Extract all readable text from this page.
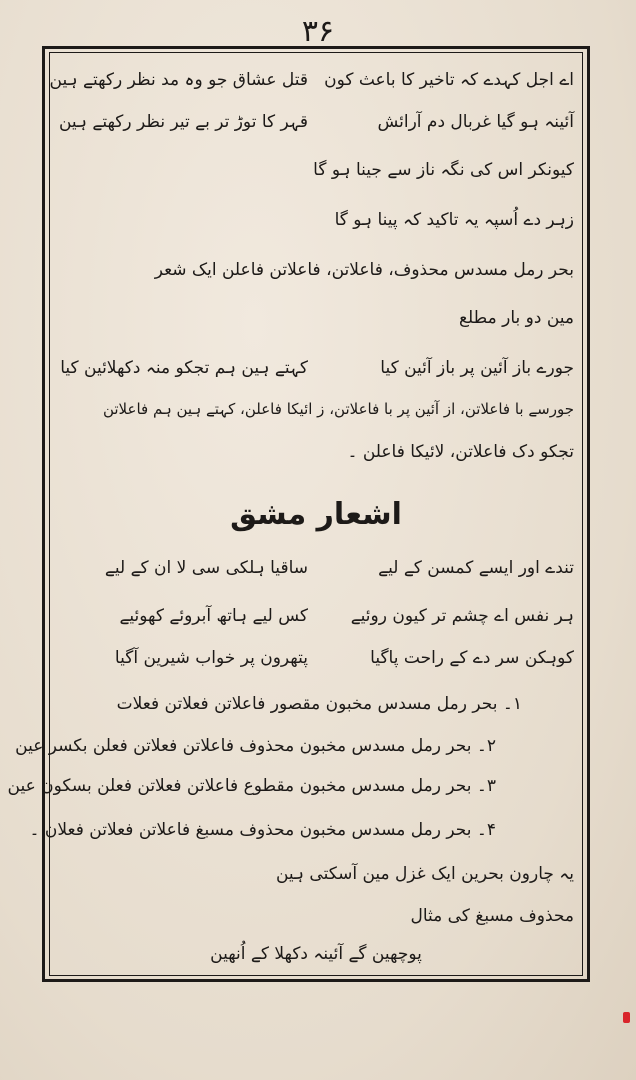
۳۶
اے اجل کہدے کہ تاخیر کا باعث کون
قتل عشاق جو وہ مد نظر رکھتے ہین
آئینہ ہو گیا غربال دم آرائش
قہر کا توڑ تر بے تیر نظر رکھتے ہین
کیونکر اس کی نگہ ناز سے جینا ہو گا
زہر دے اُسپہ یہ تاکید کہ پینا ہو گا
بحر رمل مسدس محذوف، فاعلاتن، فاعلاتن فاعلن ایک شعر
مین دو بار مطلع
جورے باز آئین پر باز آئین کیا
کہتے ہین ہم تجکو منہ دکھلائین کیا
جورسے با فاعلاتن، از آئین پر با فاعلاتن، ز ائیکا فاعلن، کہتے ہین ہم فاعلاتن
تجکو دک فاعلاتن، لائیکا فاعلن ۔
اشعار مشق
تندے اور ایسے کمسن کے لیے
ساقیا ہلکی سی لا ان کے لیے
ہر نفس اے چشم تر کیون روئیے
کس لیے ہاتھ آبروئے کھوئیے
کوہکن سر دے کے راحت پاگیا
پتھرون پر خواب شیرین آگیا
۱۔ بحر رمل مسدس مخبون مقصور فاعلاتن فعلاتن فعلات
۲۔ بحر رمل مسدس مخبون محذوف فاعلاتن فعلاتن فعلن بکسر عین
۳۔ بحر رمل مسدس مخبون مقطوع فاعلاتن فعلاتن فعلن بسکون عین
۴۔ بحر رمل مسدس مخبون محذوف مسبغ فاعلاتن فعلاتن فعلان ۔
یہ چارون بحرین ایک غزل مین آسکتی ہین
محذوف مسبغ کی مثال
پوچھین گے آئینہ دکھلا کے اُنھین
